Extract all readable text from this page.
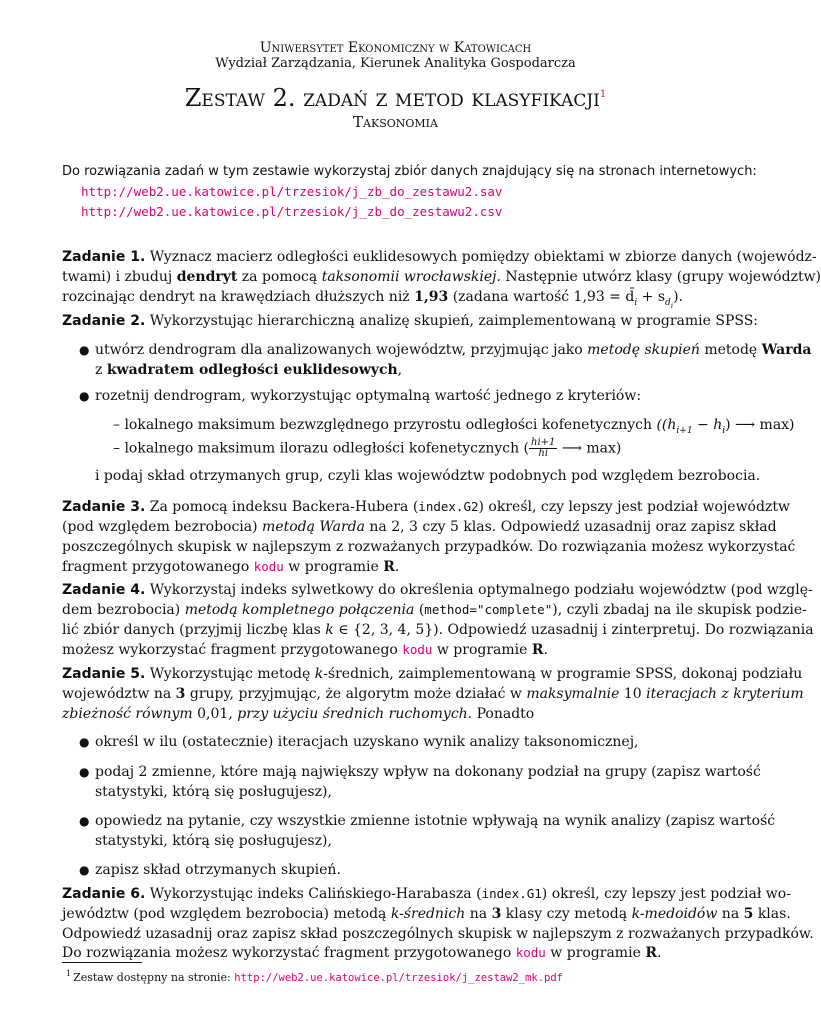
Uniwersytet Ekonomiczny w Katowicach
Wydział Zarządzania, Kierunek Analityka Gospodarcza
Zestaw 2. zadań z metod klasyfikacji$^1$
Taksonomia
Do rozwiązania zadań w tym zestawie wykorzystaj zbiór danych znajdujący się na stronach internetowych:
http://web2.ue.katowice.pl/trzesiok/j_zb_do_zestawu2.sav
http://web2.ue.katowice.pl/trzesiok/j_zb_do_zestawu2.csv
Zadanie 1. Wyznacz macierz odległości euklidesowych pomiędzy obiektami w zbiorze danych (wojewódz-
twami) i zbuduj dendryt za pomocą taksonomii wrocławskiej. Następnie utwórz klasy (grupy województw)
rozcinając dendryt na krawędziach dłuższych niż 1,93 (zadana wartość $1,93 = d̄_i + s_{d_i}$).
Zadanie 2. Wykorzystując hierarchiczną analizę skupień, zaimplementowaną w programie SPSS:
● utwórz dendrogram dla analizowanych województw, przyjmując jako metodę skupień metodę Warda
z kwadratem odległości euklidesowych,
● rozetnij dendrogram, wykorzystując optymalną wartość jednego z kryteriów:
– lokalnego maksimum bezwzględnego przyrostu odległości kofenetycznych ($(h_{i+1} - h_i)$ ⟶ max)
– lokalnego maksimum ilorazu odległości kofenetycznych ( $\frac{hi+1}{hi}$ ⟶ max)
i podaj skład otrzymanych grup, czyli klas województw podobnych pod względem bezrobocia.
Zadanie 3. Za pomocą indeksu Backera-Hubera (index.G2) określ, czy lepszy jest podział województw
(pod względem bezrobocia) metodą Warda na 2, 3 czy 5 klas. Odpowiedź uzasadnij oraz zapisz skład
poszczególnych skupisk w najlepszym z rozważanych przypadków. Do rozwiązania możesz wykorzystać
fragment przygotowanego kodu w programie R.
Zadanie 4. Wykorzystaj indeks sylwetkowy do określenia optymalnego podziału województw (pod wzglę-
dem bezrobocia) metodą kompletnego połączenia (method="complete"), czyli zbadaj na ile skupisk podzie-
lić zbiór danych (przyjmij liczbę klas k ∈ {2, 3, 4, 5}). Odpowiedź uzasadnij i zinterpretuj. Do rozwiązania
możesz wykorzystać fragment przygotowanego kodu w programie R.
Zadanie 5. Wykorzystując metodę k-średnich, zaimplementowaną w programie SPSS, dokonaj podziału
województw na 3 grupy, przyjmując, że algorytm może działać w maksymalnie 10 iteracjach z kryterium
zbieżność równym 0,01, przy użyciu średnich ruchomych. Ponadto
● określ w ilu (ostatecznie) iteracjach uzyskano wynik analizy taksonomicznej,
● podaj 2 zmienne, które mają największy wpływ na dokonany podział na grupy (zapisz wartość
statystyki, którą się posługujesz),
● opowiedz na pytanie, czy wszystkie zmienne istotnie wpływają na wynik analizy (zapisz wartość
statystyki, którą się posługujesz),
● zapisz skład otrzymanych skupień.
Zadanie 6. Wykorzystując indeks Calińskiego-Harabasza (index.G1) określ, czy lepszy jest podział wo-
jewództw (pod względem bezrobocia) metodą k-średnich na 3 klasy czy metodą k-medoidów na 5 klas.
Odpowiedź uzasadnij oraz zapisz skład poszczególnych skupisk w najlepszym z rozważanych przypadków.
Do rozwiązania możesz wykorzystać fragment przygotowanego kodu w programie R.
$^1$ Zestaw dostępny na stronie: http://web2.ue.katowice.pl/trzesiok/j_zestaw2_mk.pdf
